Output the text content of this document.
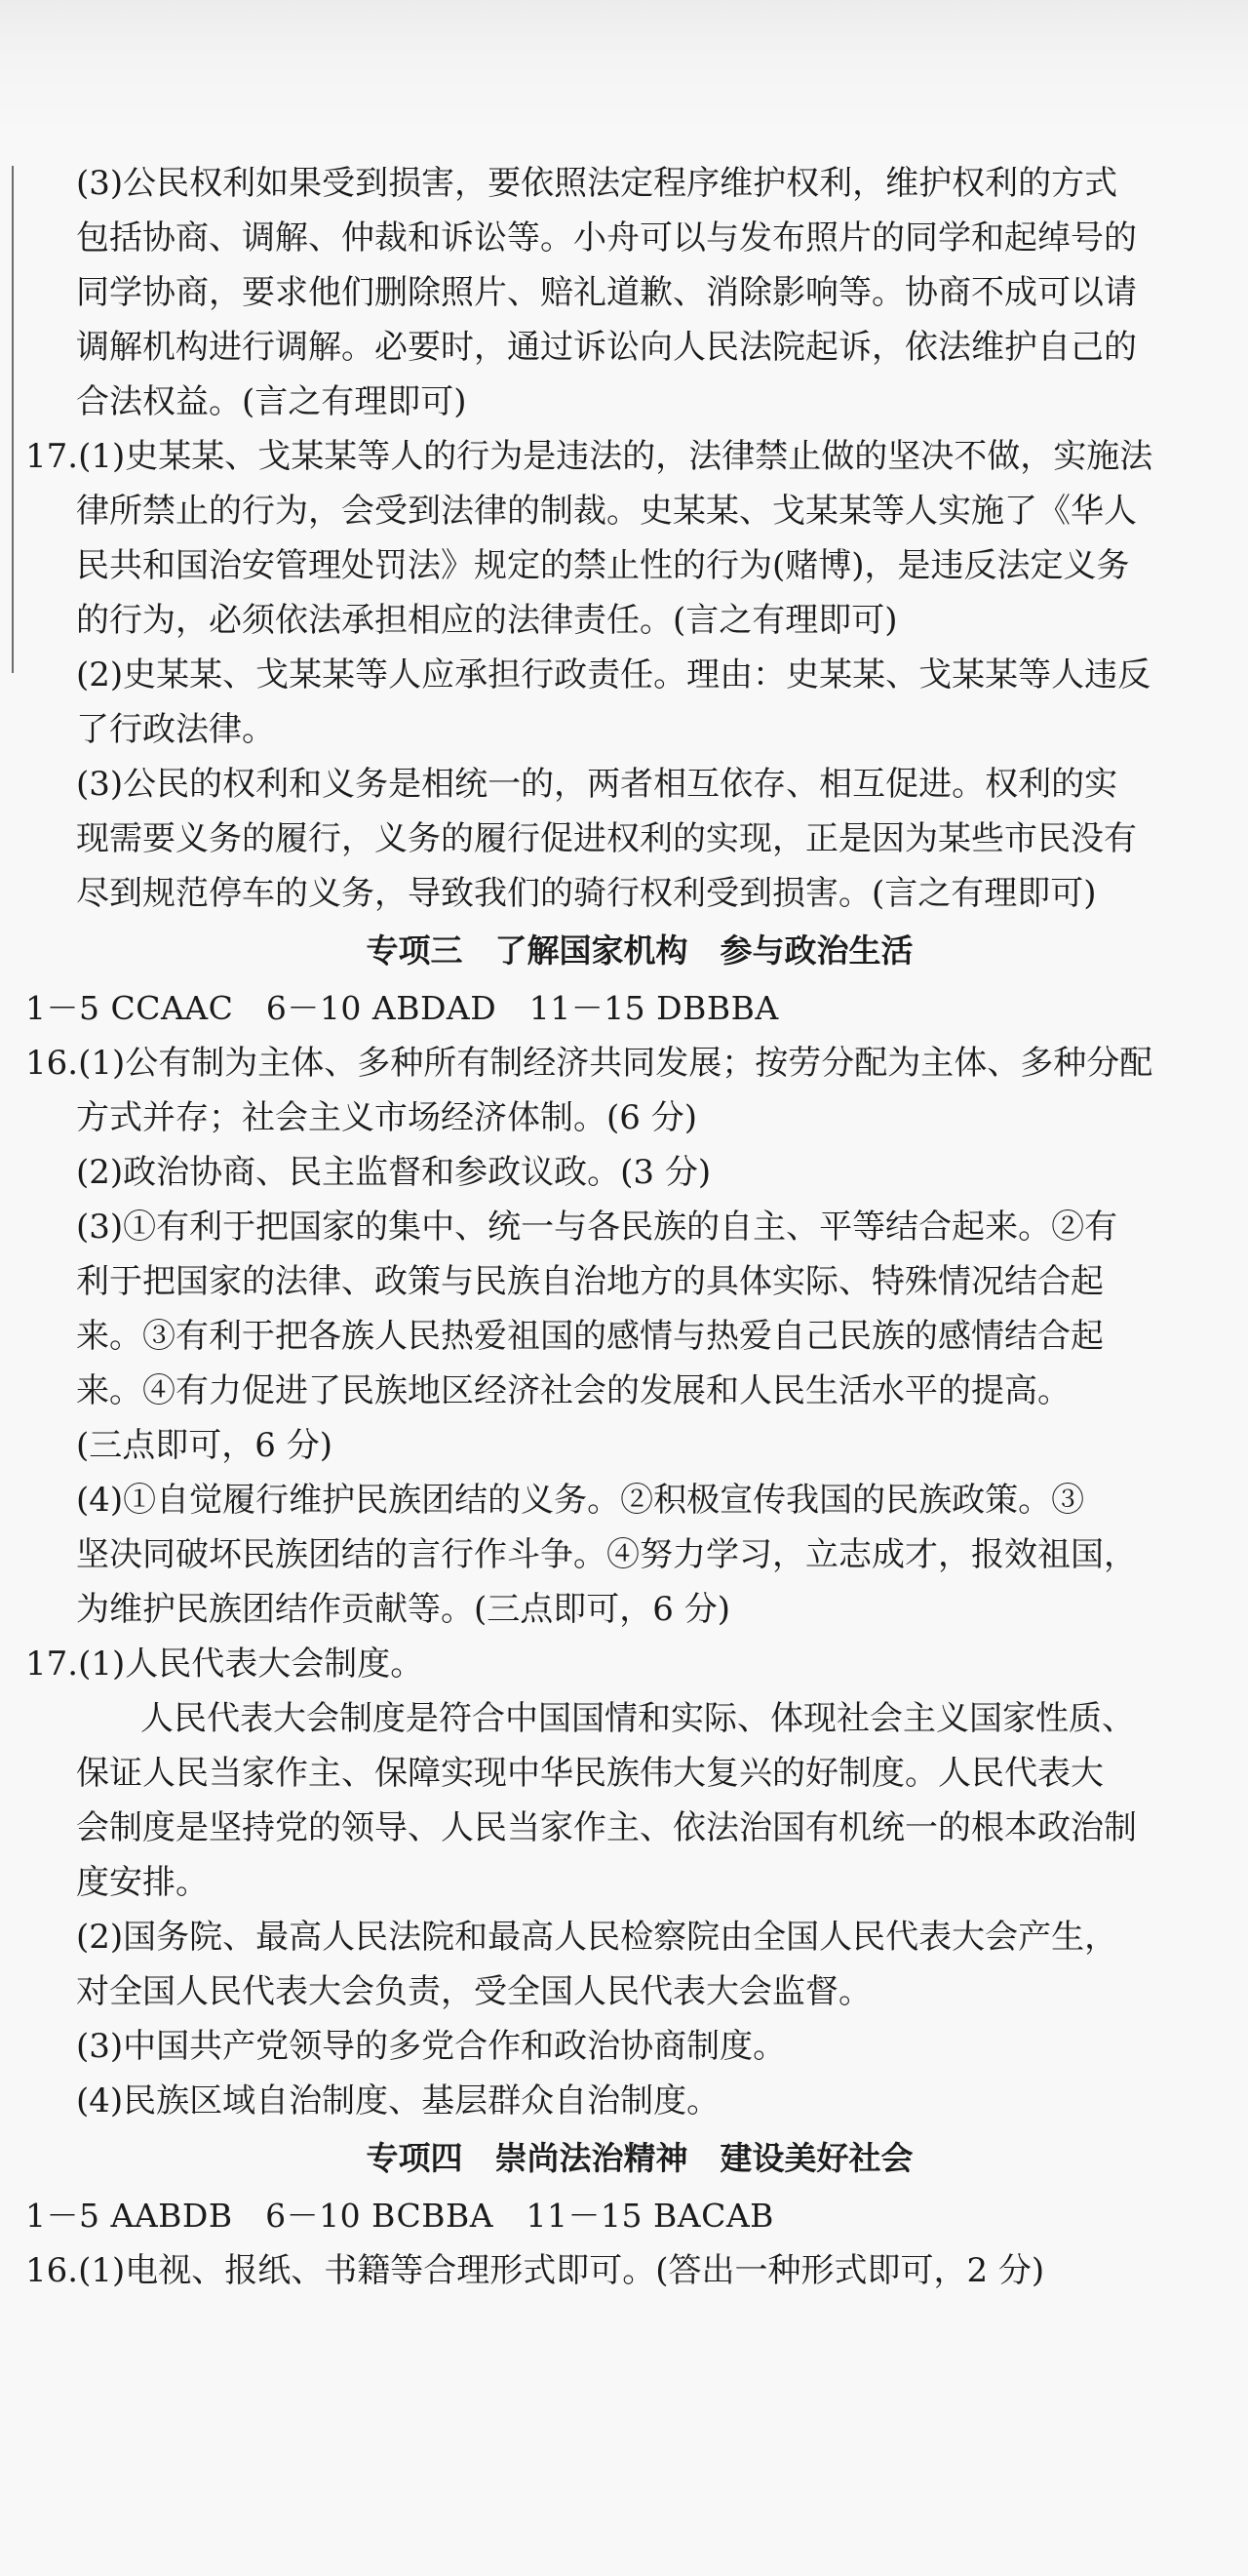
(3)公民权利如果受到损害，要依照法定程序维护权利，维护权利的方式
包括协商、调解、仲裁和诉讼等。小舟可以与发布照片的同学和起绰号的
同学协商，要求他们删除照片、赔礼道歉、消除影响等。协商不成可以请
调解机构进行调解。必要时，通过诉讼向人民法院起诉，依法维护自己的
合法权益。(言之有理即可)
17.(1)史某某、戈某某等人的行为是违法的，法律禁止做的坚决不做，实施法
律所禁止的行为，会受到法律的制裁。史某某、戈某某等人实施了《华人
民共和国治安管理处罚法》规定的禁止性的行为(赌博)，是违反法定义务
的行为，必须依法承担相应的法律责任。(言之有理即可)
(2)史某某、戈某某等人应承担行政责任。理由：史某某、戈某某等人违反
了行政法律。
(3)公民的权利和义务是相统一的，两者相互依存、相互促进。权利的实
现需要义务的履行，义务的履行促进权利的实现，正是因为某些市民没有
尽到规范停车的义务，导致我们的骑行权利受到损害。(言之有理即可)
专项三　了解国家机构　参与政治生活
1－5 CCAAC　6－10 ABDAD　11－15 DBBBA
16.(1)公有制为主体、多种所有制经济共同发展；按劳分配为主体、多种分配
方式并存；社会主义市场经济体制。(6 分)
(2)政治协商、民主监督和参政议政。(3 分)
(3)①有利于把国家的集中、统一与各民族的自主、平等结合起来。②有
利于把国家的法律、政策与民族自治地方的具体实际、特殊情况结合起
来。③有利于把各族人民热爱祖国的感情与热爱自己民族的感情结合起
来。④有力促进了民族地区经济社会的发展和人民生活水平的提高。
(三点即可，6 分)
(4)①自觉履行维护民族团结的义务。②积极宣传我国的民族政策。③
坚决同破坏民族团结的言行作斗争。④努力学习，立志成才，报效祖国，
为维护民族团结作贡献等。(三点即可，6 分)
17.(1)人民代表大会制度。
人民代表大会制度是符合中国国情和实际、体现社会主义国家性质、
保证人民当家作主、保障实现中华民族伟大复兴的好制度。人民代表大
会制度是坚持党的领导、人民当家作主、依法治国有机统一的根本政治制
度安排。
(2)国务院、最高人民法院和最高人民检察院由全国人民代表大会产生，
对全国人民代表大会负责，受全国人民代表大会监督。
(3)中国共产党领导的多党合作和政治协商制度。
(4)民族区域自治制度、基层群众自治制度。
专项四　崇尚法治精神　建设美好社会
1－5 AABDB　6－10 BCBBA　11－15 BACAB
16.(1)电视、报纸、书籍等合理形式即可。(答出一种形式即可，2 分)
